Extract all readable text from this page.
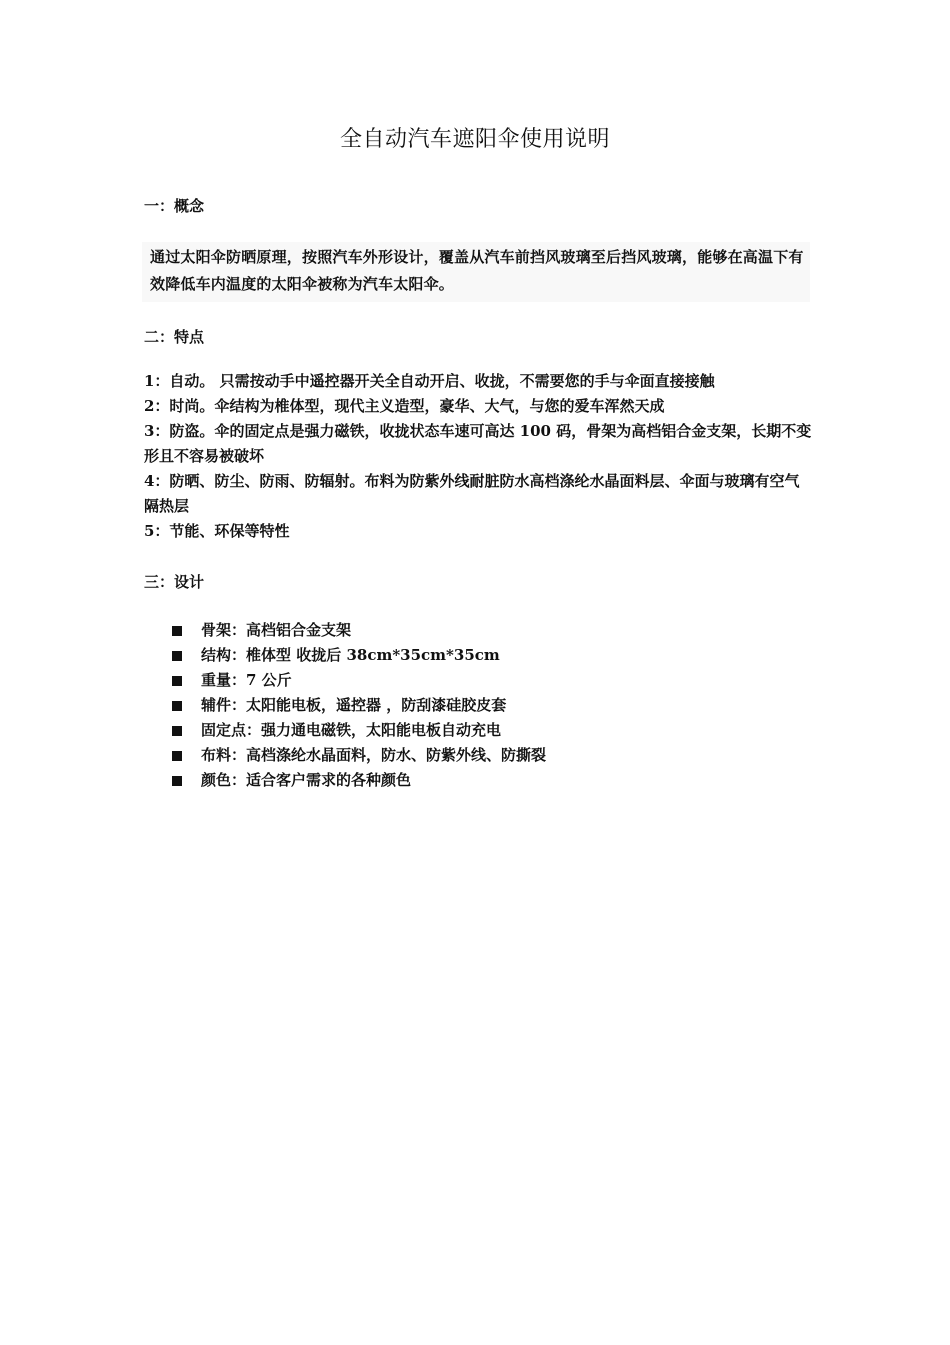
全自动汽车遮阳伞使用说明
一：概念

通过太阳伞防晒原理，按照汽车外形设计，覆盖从汽车前挡风玻璃至后挡风玻璃，能够在高温下有效降低车内温度的太阳伞被称为汽车太阳伞。

二：特点
1：自动。 只需按动手中遥控器开关全自动开启、收拢，不需要您的手与伞面直接接触
2：时尚。伞结构为椎体型，现代主义造型，豪华、大气，与您的爱车浑然天成
3：防盗。伞的固定点是强力磁铁，收拢状态车速可高达 100 码，骨架为高档铝合金支架，长期不变形且不容易被破坏
4：防晒、防尘、防雨、防辐射。布料为防紫外线耐脏防水高档涤纶水晶面料层、伞面与玻璃有空气隔热层
5：节能、环保等特性
三：设计
骨架：高档铝合金支架
结构：椎体型 收拢后 38cm*35cm*35cm
重量：7 公斤
辅件：太阳能电板，遥控器 ，防刮漆硅胶皮套
固定点：强力通电磁铁，太阳能电板自动充电
布料：高档涤纶水晶面料，防水、防紫外线、防撕裂
颜色：适合客户需求的各种颜色
